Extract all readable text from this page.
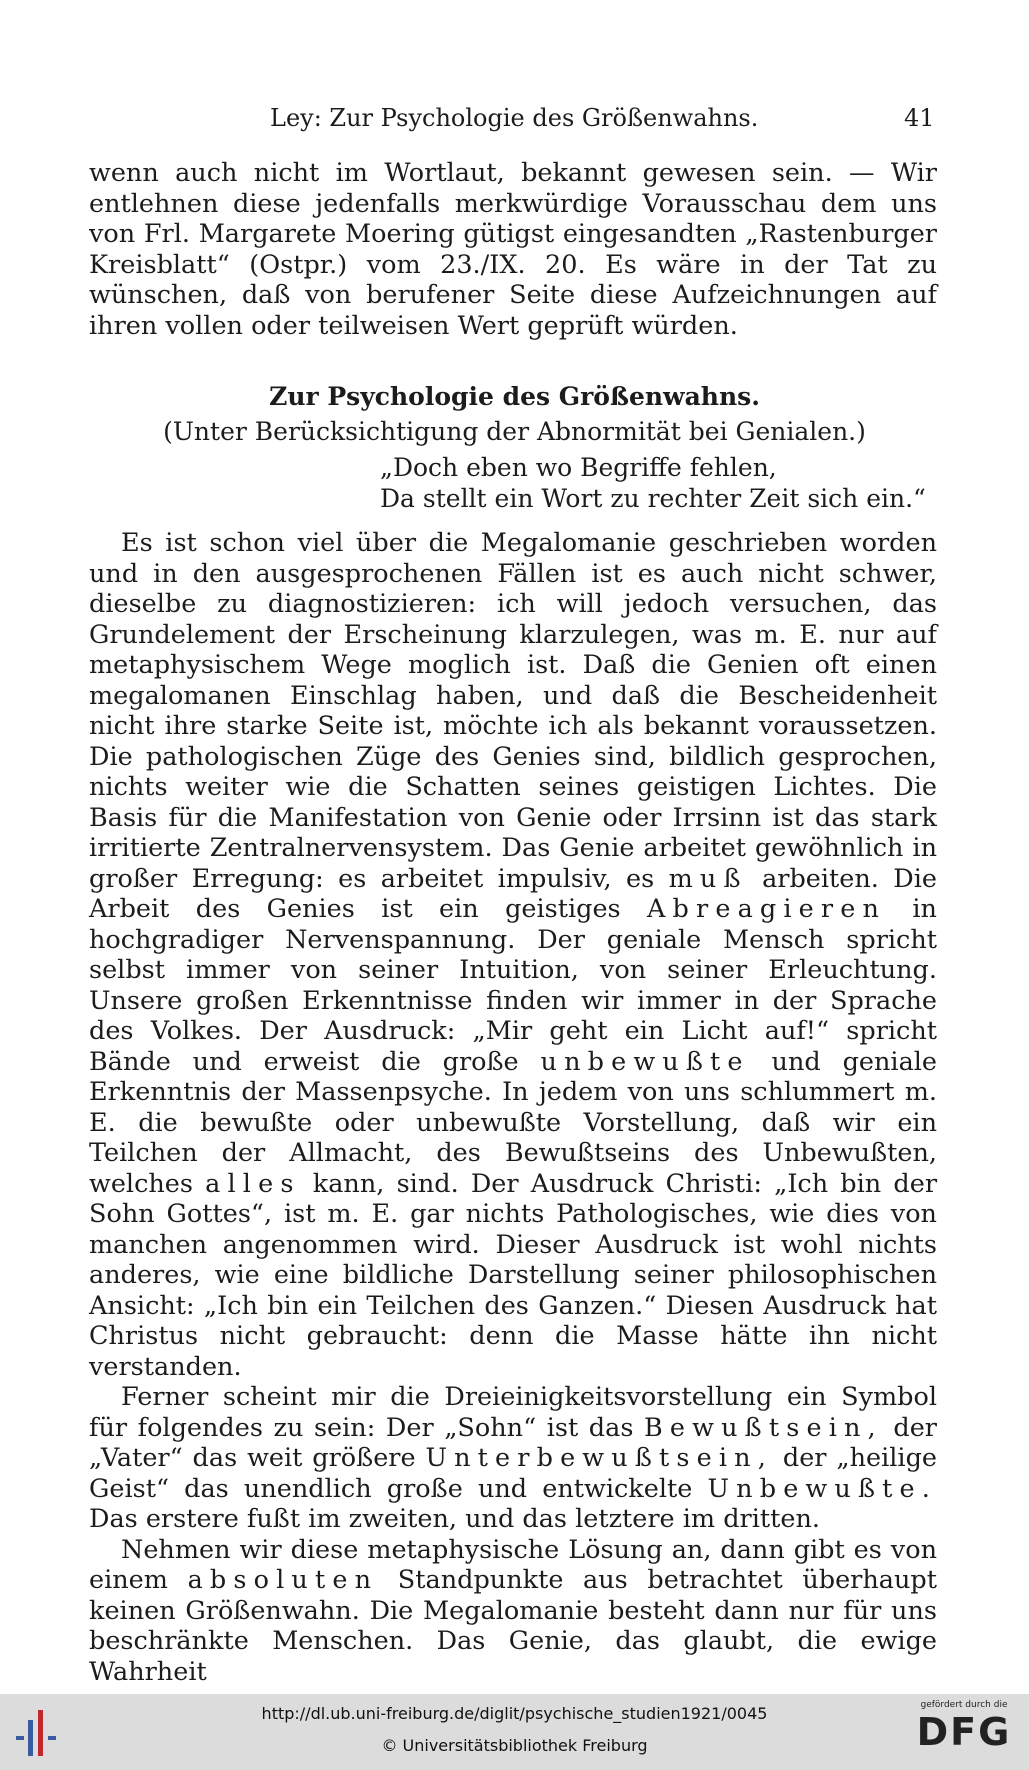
Ley: Zur Psychologie des Größenwahns.	41

wenn auch nicht im Wortlaut, bekannt gewesen sein. — Wir entlehnen diese jedenfalls merkwürdige Vorausschau dem uns von Frl. Margarete Moering gütigst eingesandten „Rastenburger Kreisblatt“ (Ostpr.) vom 23./IX. 20. Es wäre in der Tat zu wünschen, daß von berufener Seite diese Aufzeichnungen auf ihren vollen oder teilweisen Wert geprüft würden.

Zur Psychologie des Größenwahns.
(Unter Berücksichtigung der Abnormität bei Genialen.)
„Doch eben wo Begriffe fehlen,
Da stellt ein Wort zu rechter Zeit sich ein.“

Es ist schon viel über die Megalomanie geschrieben worden und in den ausgesprochenen Fällen ist es auch nicht schwer, dieselbe zu diagnostizieren: ich will jedoch versuchen, das Grundelement der Erscheinung klarzulegen, was m. E. nur auf metaphysischem Wege moglich ist. Daß die Genien oft einen megalomanen Einschlag haben, und daß die Bescheidenheit nicht ihre starke Seite ist, möchte ich als bekannt voraussetzen. Die pathologischen Züge des Genies sind, bildlich gesprochen, nichts weiter wie die Schatten seines geistigen Lichtes. Die Basis für die Manifestation von Genie oder Irrsinn ist das stark irritierte Zentralnervensystem. Das Genie arbeitet gewöhnlich in großer Erregung: es arbeitet impulsiv, es muß arbeiten. Die Arbeit des Genies ist ein geistiges Abreagieren in hochgradiger Nervenspannung. Der geniale Mensch spricht selbst immer von seiner Intuition, von seiner Erleuchtung. Unsere großen Erkenntnisse finden wir immer in der Sprache des Volkes. Der Ausdruck: „Mir geht ein Licht auf!“ spricht Bände und erweist die große unbewußte und geniale Erkenntnis der Massenpsyche. In jedem von uns schlummert m. E. die bewußte oder unbewußte Vorstellung, daß wir ein Teilchen der Allmacht, des Bewußtseins des Unbewußten, welches alles kann, sind. Der Ausdruck Christi: „Ich bin der Sohn Gottes“, ist m. E. gar nichts Pathologisches, wie dies von manchen angenommen wird. Dieser Ausdruck ist wohl nichts anderes, wie eine bildliche Darstellung seiner philosophischen Ansicht: „Ich bin ein Teilchen des Ganzen.“ Diesen Ausdruck hat Christus nicht gebraucht: denn die Masse hätte ihn nicht verstanden.

Ferner scheint mir die Dreieinigkeitsvorstellung ein Symbol für folgendes zu sein: Der „Sohn“ ist das Bewußtsein, der „Vater“ das weit größere Unterbewußtsein, der „heilige Geist“ das unendlich große und entwickelte Unbewußte. Das erstere fußt im zweiten, und das letztere im dritten.

Nehmen wir diese metaphysische Lösung an, dann gibt es von einem absoluten Standpunkte aus betrachtet überhaupt keinen Größenwahn. Die Megalomanie besteht dann nur für uns beschränkte Menschen. Das Genie, das glaubt, die ewige Wahrheit

http://dl.ub.uni-freiburg.de/diglit/psychische_studien1921/0045
© Universitätsbibliothek Freiburg
gefördert durch die
DFG
